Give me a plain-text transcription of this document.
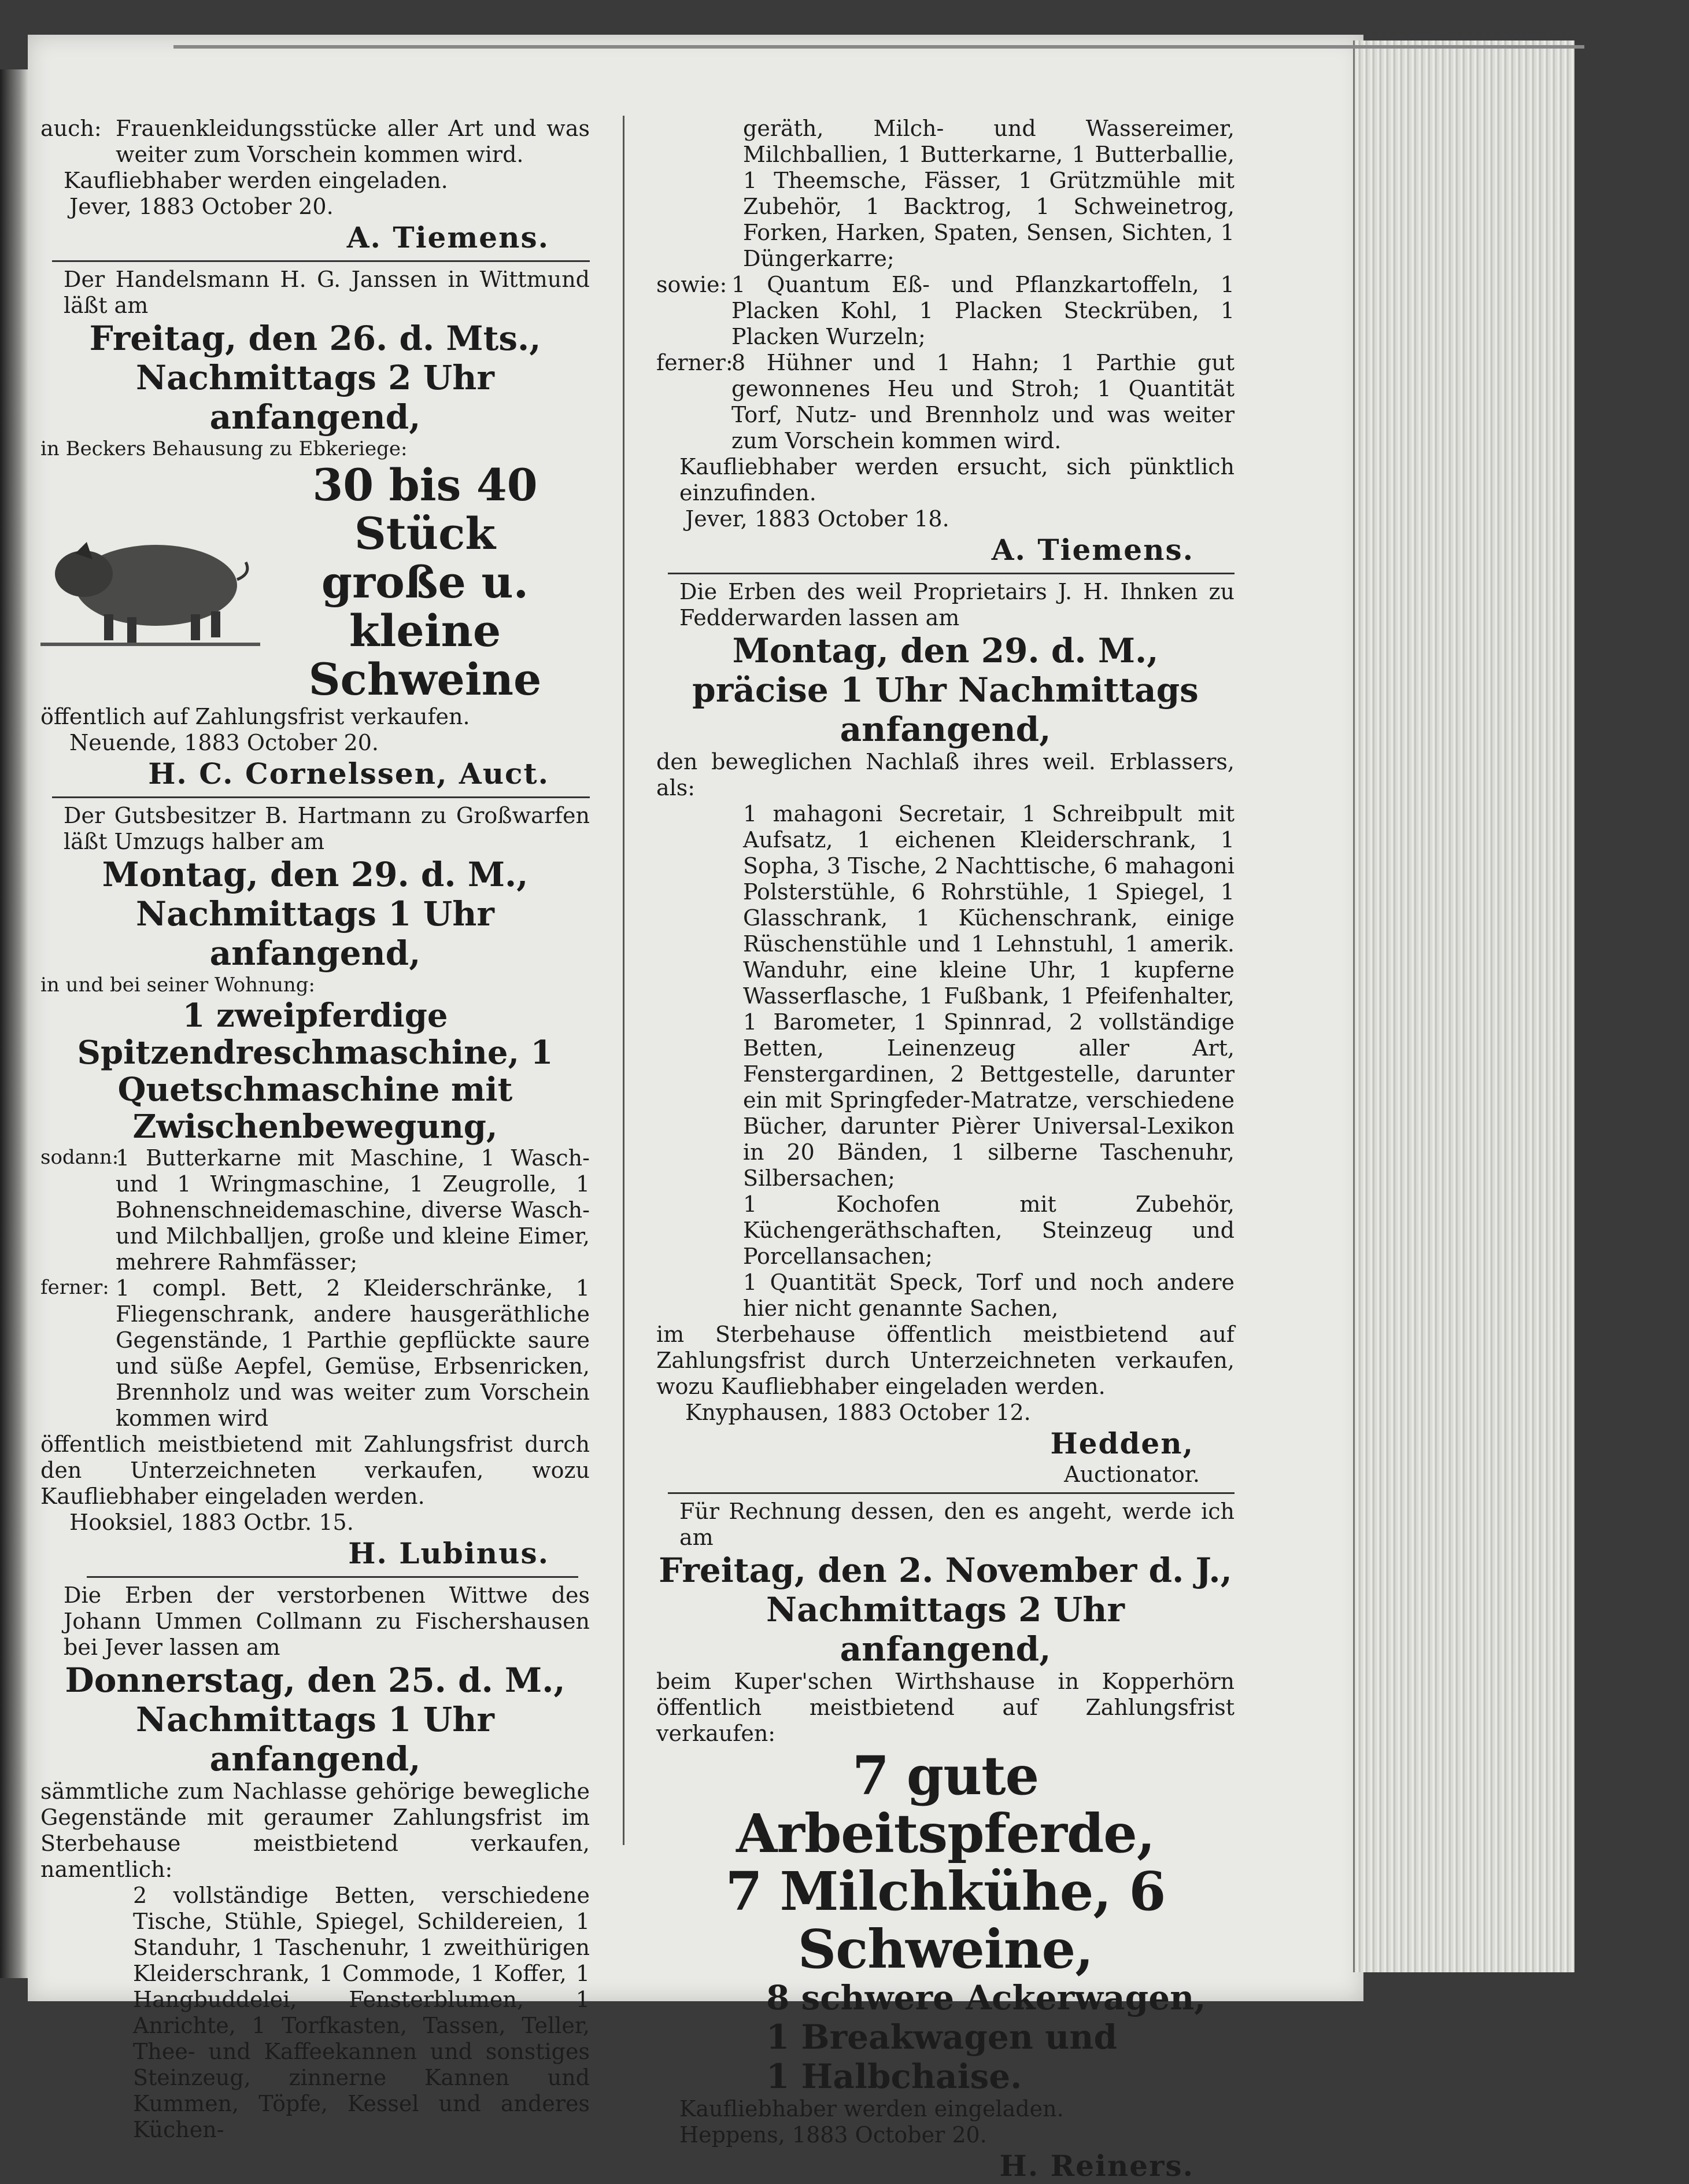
auch: Frauenkleidungsstücke aller Art und was weiter zum Vorschein kommen wird.

Kaufliebhaber werden eingeladen.

Jever, 1883 October 20.

A. Tiemens.

Der Handelsmann H. G. Janssen in Wittmund läßt am

Freitag, den 26. d. Mts.,
Nachmittags 2 Uhr anfangend,

in Beckers Behausung zu Ebkeriege:

30 bis 40 Stück
große u. kleine
Schweine

öffentlich auf Zahlungsfrist verkaufen.

Neuende, 1883 October 20.

H. C. Cornelssen, Auct.

Der Gutsbesitzer B. Hartmann zu Großwarfen läßt Umzugs halber am

Montag, den 29. d. M.,
Nachmittags 1 Uhr anfangend,

in und bei seiner Wohnung:

1 zweipferdige Spitzendreschmaschine, 1 Quetschmaschine mit Zwischenbewegung,
sodann:
1 Butterkarne mit Maschine, 1 Wasch- und 1 Wringmaschine, 1 Zeugrolle, 1 Bohnenschneidemaschine, diverse Wasch- und Milchballjen, große und kleine Eimer, mehrere Rahmfässer;
ferner: 1 compl. Bett, 2 Kleiderschränke, 1 Fliegenschrank, andere hausgeräthliche Gegenstände, 1 Parthie gepflückte saure und süße Aepfel, Gemüse, Erbsenricken, Brennholz und was weiter zum Vorschein kommen wird

öffentlich meistbietend mit Zahlungsfrist durch den Unterzeichneten verkaufen, wozu Kaufliebhaber eingeladen werden.

Hooksiel, 1883 Octbr. 15.

H. Lubinus.

Die Erben der verstorbenen Wittwe des Johann Ummen Collmann zu Fischershausen bei Jever lassen am

Donnerstag, den 25. d. M.,
Nachmittags 1 Uhr anfangend,

sämmtliche zum Nachlasse gehörige bewegliche Gegenstände mit geraumer Zahlungsfrist im Sterbehause meistbietend verkaufen, namentlich:

2 vollständige Betten, verschiedene Tische, Stühle, Spiegel, Schildereien, 1 Standuhr, 1 Taschenuhr, 1 zweithürigen Kleiderschrank, 1 Commode, 1 Koffer, 1 Hangbuddelei, Fensterblumen, 1 Anrichte, 1 Torfkasten, Tassen, Teller, Thee- und Kaffeekannen und sonstiges Steinzeug, zinnerne Kannen und Kummen, Töpfe, Kessel und anderes Küchen-

geräth, Milch- und Wassereimer, Milchballien, 1 Butterkarne, 1 Butterballie, 1 Theemsche, Fässer, 1 Grützmühle mit Zubehör, 1 Backtrog, 1 Schweinetrog, Forken, Harken, Spaten, Sensen, Sichten, 1 Düngerkarre;

sowie: 1 Quantum Eß- und Pflanzkartoffeln, 1 Placken Kohl, 1 Placken Steckrüben, 1 Placken Wurzeln;
ferner:
8 Hühner und 1 Hahn; 1 Parthie gut gewonnenes Heu und Stroh; 1 Quantität Torf, Nutz- und Brennholz und was weiter zum Vorschein kommen wird.

Kaufliebhaber werden ersucht, sich pünktlich einzufinden.

Jever, 1883 October 18.

A. Tiemens.

Die Erben des weil Proprietairs J. H. Ihnken zu Fedderwarden lassen am

Montag, den 29. d. M.,
präcise 1 Uhr Nachmittags anfangend,

den beweglichen Nachlaß ihres weil. Erblassers, als:

1 mahagoni Secretair, 1 Schreibpult mit Aufsatz, 1 eichenen Kleiderschrank, 1 Sopha, 3 Tische, 2 Nachttische, 6 mahagoni Polsterstühle, 6 Rohrstühle, 1 Spiegel, 1 Glasschrank, 1 Küchenschrank, einige Rüschenstühle und 1 Lehnstuhl, 1 amerik. Wanduhr, eine kleine Uhr, 1 kupferne Wasserflasche, 1 Fußbank, 1 Pfeifenhalter, 1 Barometer, 1 Spinnrad, 2 vollständige Betten, Leinenzeug aller Art, Fenstergardinen, 2 Bettgestelle, darunter ein mit Springfeder-Matratze, verschiedene Bücher, darunter Pièrer Universal-Lexikon in 20 Bänden, 1 silberne Taschenuhr, Silbersachen;

1 Kochofen mit Zubehör, Küchengeräthschaften, Steinzeug und Porcellansachen;

1 Quantität Speck, Torf und noch andere hier nicht genannte Sachen,

im Sterbehause öffentlich meistbietend auf Zahlungsfrist durch Unterzeichneten verkaufen, wozu Kaufliebhaber eingeladen werden.

Knyphausen, 1883 October 12.

Hedden,
Auctionator.

Für Rechnung dessen, den es angeht, werde ich am

Freitag, den 2. November d. J.,
Nachmittags 2 Uhr anfangend,

beim Kuper'schen Wirthshause in Kopperhörn öffentlich meistbietend auf Zahlungsfrist verkaufen:

7 gute Arbeitspferde,
7 Milchkühe, 6 Schweine,
8 schwere Ackerwagen,
1 Breakwagen und
1 Halbchaise.

Kaufliebhaber werden eingeladen.

Heppens, 1883 October 20.

H. Reiners.
